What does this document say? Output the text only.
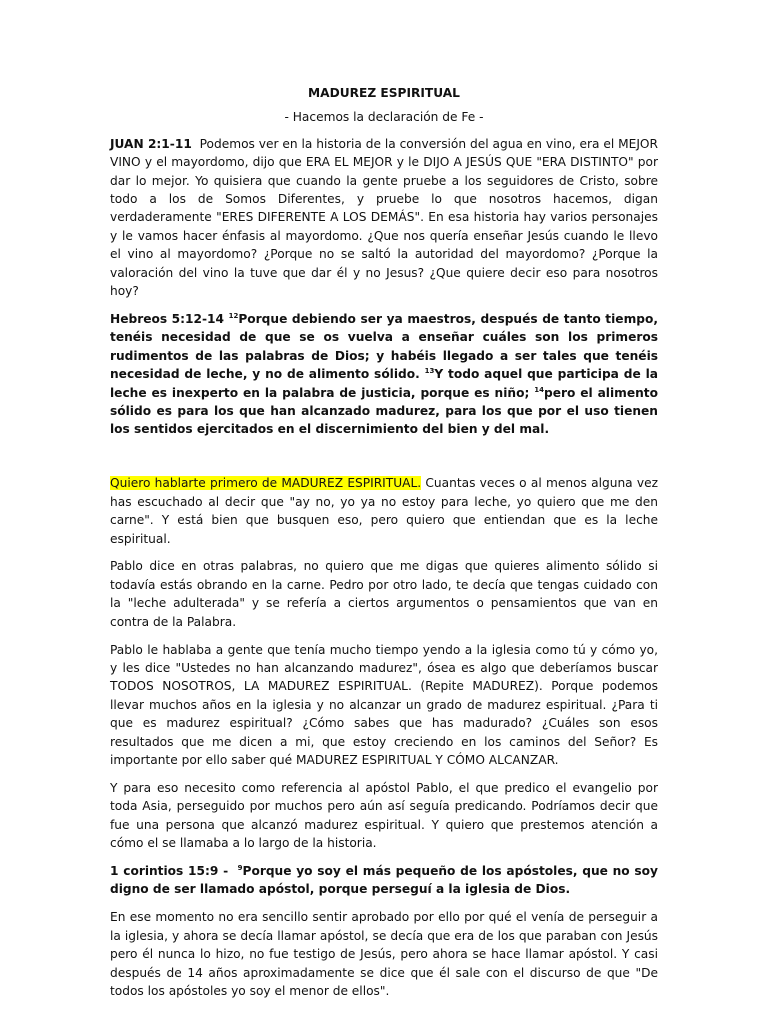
MADUREZ ESPIRITUAL
- Hacemos la declaración de Fe -

JUAN 2:1-11 Podemos ver en la historia de la conversión del agua en vino, era el MEJOR VINO y el mayordomo, dijo que ERA EL MEJOR y le DIJO A JESÚS QUE "ERA DISTINTO" por dar lo mejor. Yo quisiera que cuando la gente pruebe a los seguidores de Cristo, sobre todo a los de Somos Diferentes, y pruebe lo que nosotros hacemos, digan verdaderamente "ERES DIFERENTE A LOS DEMÁS". En esa historia hay varios personajes y le vamos hacer énfasis al mayordomo. ¿Que nos quería enseñar Jesús cuando le llevo el vino al mayordomo? ¿Porque no se saltó la autoridad del mayordomo? ¿Porque la valoración del vino la tuve que dar él y no Jesus? ¿Que quiere decir eso para nosotros hoy?

Hebreos 5:12-14 $^{12}$Porque debiendo ser ya maestros, después de tanto tiempo, tenéis necesidad de que se os vuelva a enseñar cuáles son los primeros rudimentos de las palabras de Dios; y habéis llegado a ser tales que tenéis necesidad de leche, y no de alimento sólido. $^{13}$Y todo aquel que participa de la leche es inexperto en la palabra de justicia, porque es niño; $^{14}$pero el alimento sólido es para los que han alcanzado madurez, para los que por el uso tienen los sentidos ejercitados en el discernimiento del bien y del mal.

Quiero hablarte primero de MADUREZ ESPIRITUAL. Cuantas veces o al menos alguna vez has escuchado al decir que "ay no, yo ya no estoy para leche, yo quiero que me den carne". Y está bien que busquen eso, pero quiero que entiendan que es la leche espiritual.

Pablo dice en otras palabras, no quiero que me digas que quieres alimento sólido si todavía estás obrando en la carne. Pedro por otro lado, te decía que tengas cuidado con la "leche adulterada" y se refería a ciertos argumentos o pensamientos que van en contra de la Palabra.

Pablo le hablaba a gente que tenía mucho tiempo yendo a la iglesia como tú y cómo yo, y les dice "Ustedes no han alcanzando madurez", ósea es algo que deberíamos buscar TODOS NOSOTROS, LA MADUREZ ESPIRITUAL. (Repite MADUREZ). Porque podemos llevar muchos años en la iglesia y no alcanzar un grado de madurez espiritual. ¿Para ti que es madurez espiritual? ¿Cómo sabes que has madurado? ¿Cuáles son esos resultados que me dicen a mi, que estoy creciendo en los caminos del Señor? Es importante por ello saber qué MADUREZ ESPIRITUAL Y CÓMO ALCANZAR.

Y para eso necesito como referencia al apóstol Pablo, el que predico el evangelio por toda Asia, perseguido por muchos pero aún así seguía predicando. Podríamos decir que fue una persona que alcanzó madurez espiritual. Y quiero que prestemos atención a cómo el se llamaba a lo largo de la historia.

1 corintios 15:9 - $^9$Porque yo soy el más pequeño de los apóstoles, que no soy digno de ser llamado apóstol, porque perseguí a la iglesia de Dios.

En ese momento no era sencillo sentir aprobado por ello por qué el venía de perseguir a la iglesia, y ahora se decía llamar apóstol, se decía que era de los que paraban con Jesús pero él nunca lo hizo, no fue testigo de Jesús, pero ahora se hace llamar apóstol. Y casi después de 14 años aproximadamente se dice que él sale con el discurso de que "De todos los apóstoles yo soy el menor de ellos".
